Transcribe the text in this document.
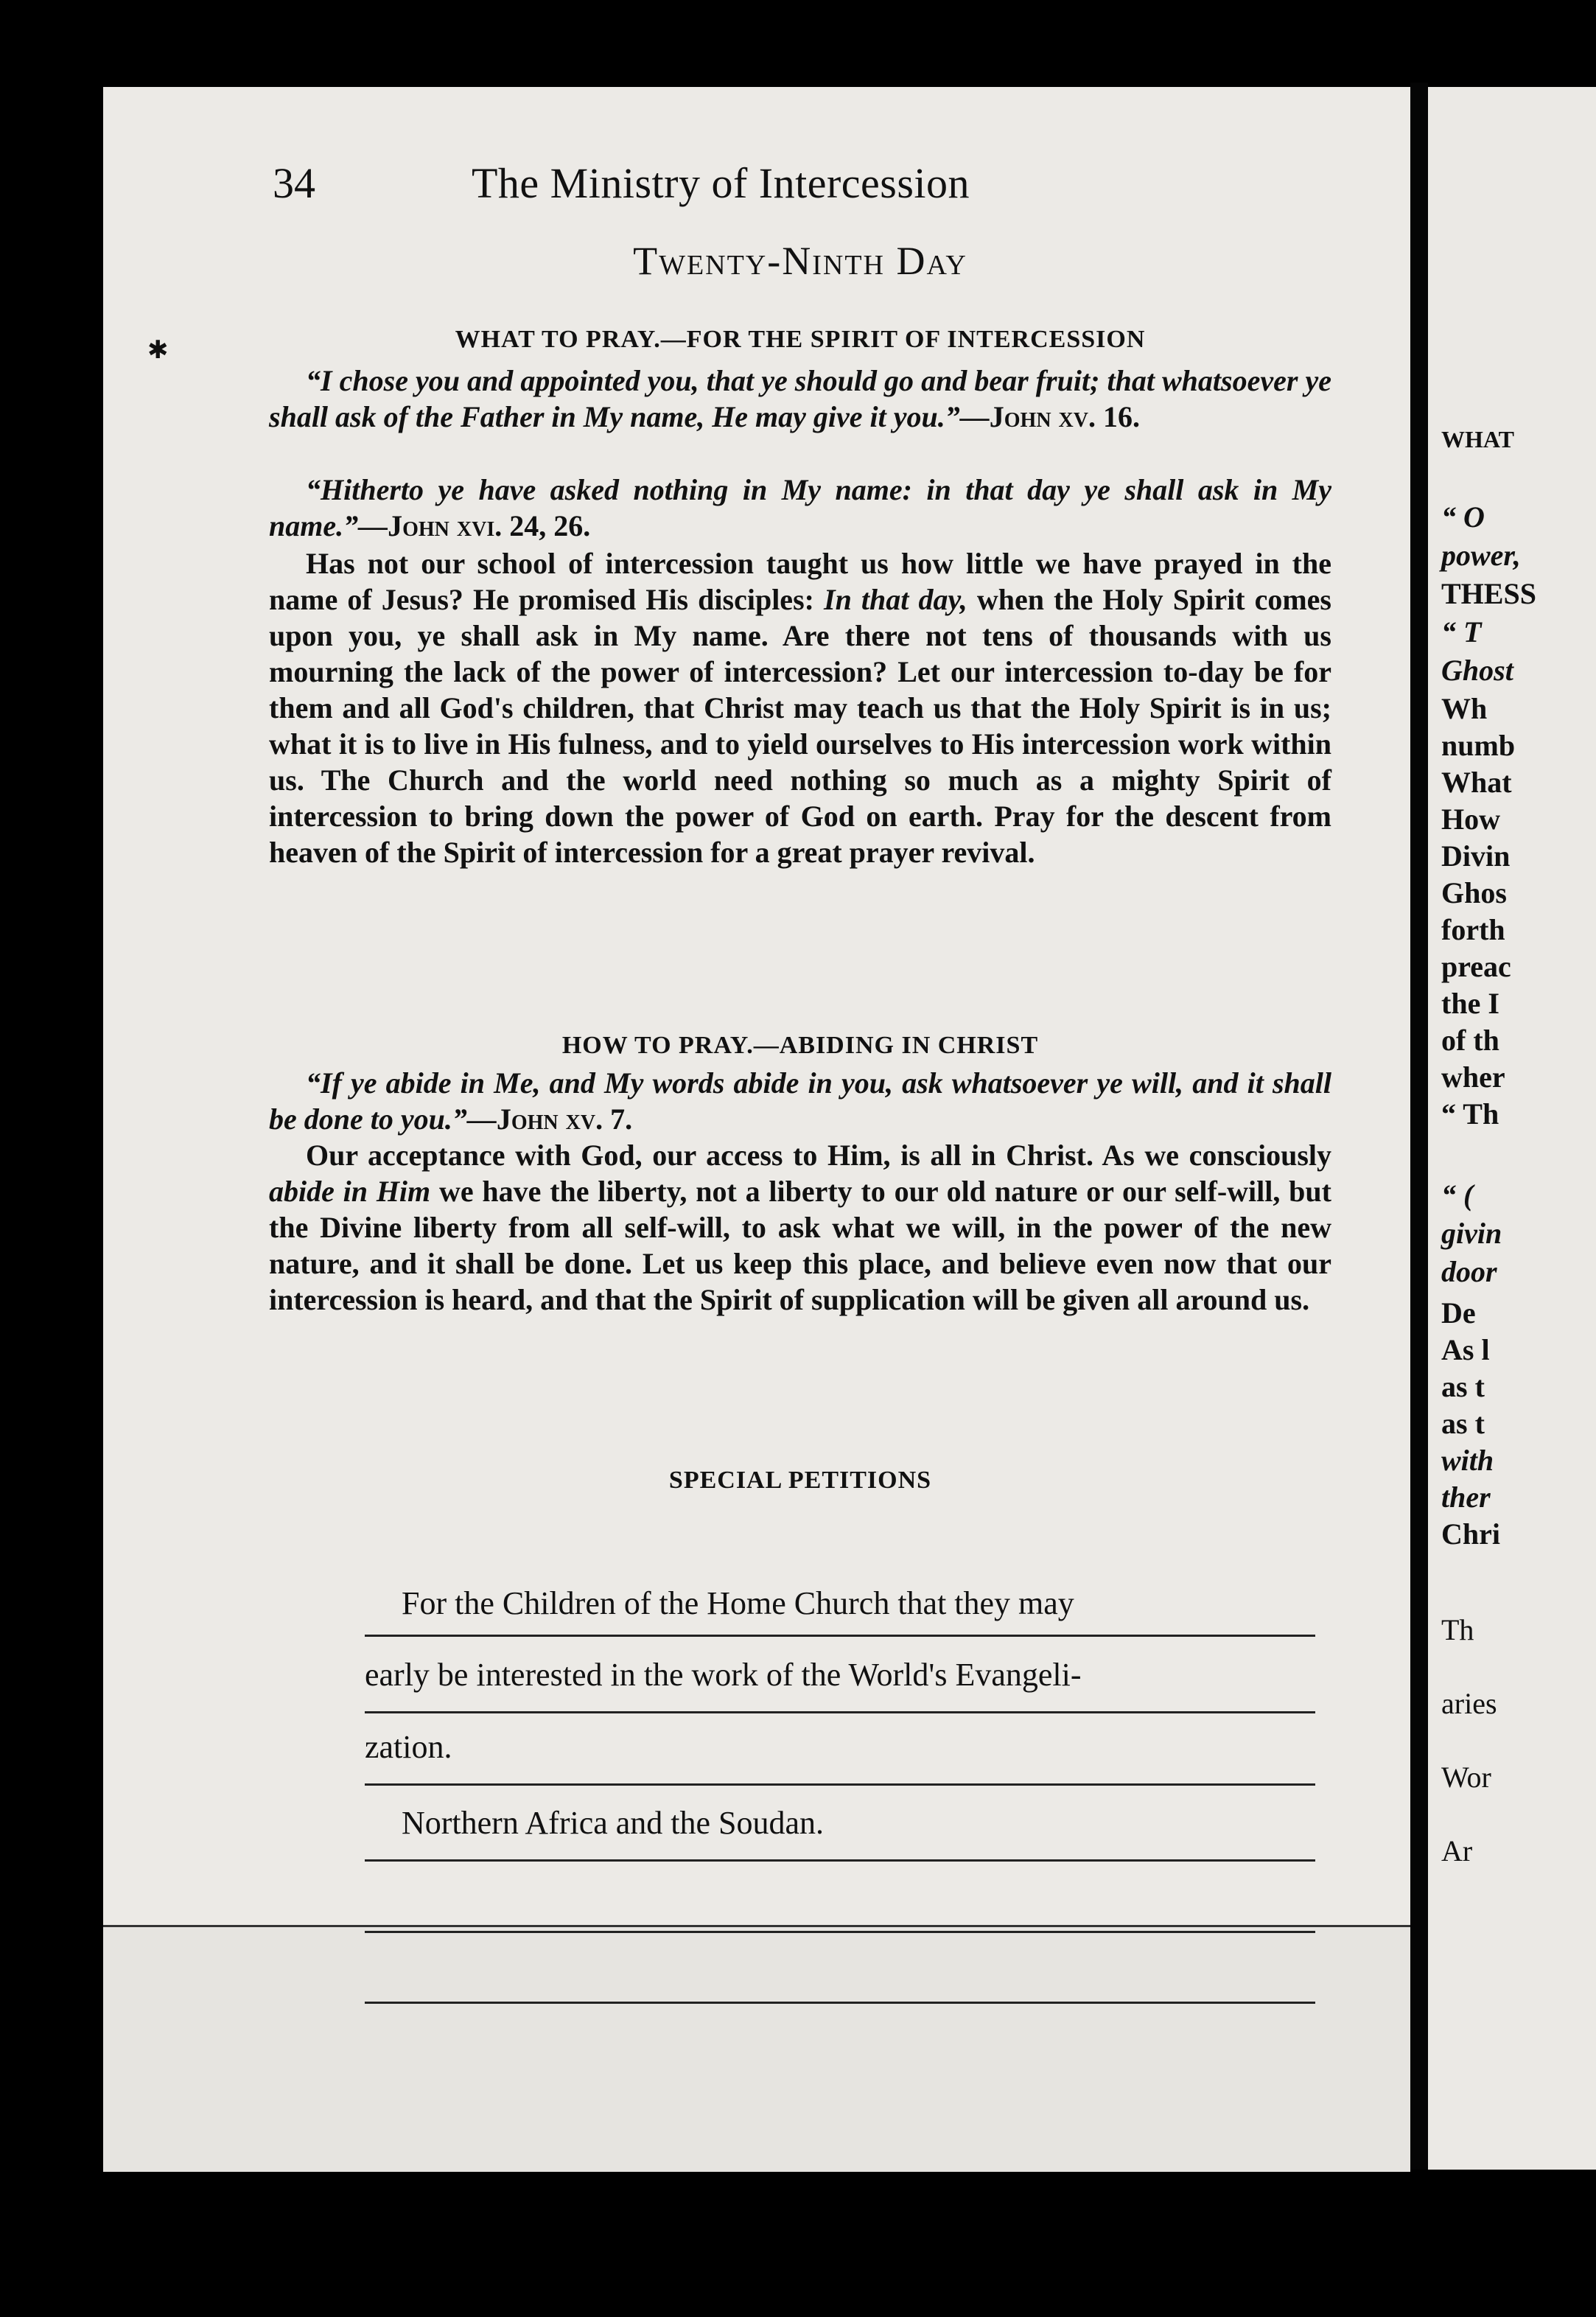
34	The Ministry of Intercession
Twenty-Ninth Day
WHAT TO PRAY.—FOR THE SPIRIT OF INTERCESSION
“I chose you and appointed you, that ye should go and bear fruit; that whatsoever ye shall ask of the Father in My name, He may give it you.”—John xv. 16.
“Hitherto ye have asked nothing in My name: in that day ye shall ask in My name.”—John xvi. 24, 26.
Has not our school of intercession taught us how little we have prayed in the name of Jesus? He promised His disciples: In that day, when the Holy Spirit comes upon you, ye shall ask in My name. Are there not tens of thousands with us mourning the lack of the power of intercession? Let our intercession to-day be for them and all God's children, that Christ may teach us that the Holy Spirit is in us; what it is to live in His fulness, and to yield ourselves to His intercession work within us. The Church and the world need nothing so much as a mighty Spirit of intercession to bring down the power of God on earth. Pray for the descent from heaven of the Spirit of intercession for a great prayer revival.
HOW TO PRAY.—ABIDING IN CHRIST
“If ye abide in Me, and My words abide in you, ask whatsoever ye will, and it shall be done to you.”—John xv. 7.
Our acceptance with God, our access to Him, is all in Christ. As we consciously abide in Him we have the liberty, not a liberty to our old nature or our self-will, but the Divine liberty from all self-will, to ask what we will, in the power of the new nature, and it shall be done. Let us keep this place, and believe even now that our intercession is heard, and that the Spirit of supplication will be given all around us.
SPECIAL PETITIONS
For the Children of the Home Church that they may
early be interested in the work of the World's Evangeli-
zation.
Northern Africa and the Soudan.
✱
WHAT
“ O
power,
THESS
“ T
Ghost
Wh
numb
What
How
Divin
Ghos
forth
preac
the I
of th
wher
“ Th
“ (
givin
door
De
As l
as t
as t
with
ther
Chri
Th
aries
Wor
Ar
